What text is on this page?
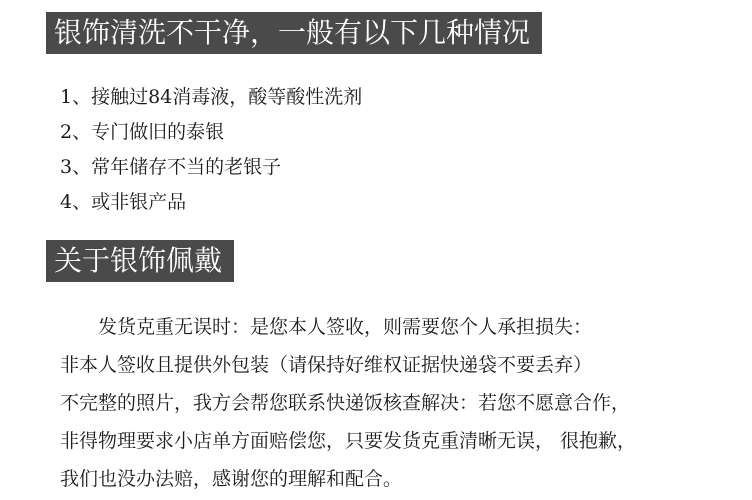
银饰清洗不干净，一般有以下几种情况
1、接触过84消毒液，酸等酸性洗剂
2、专门做旧的泰银
3、常年储存不当的老银子
4、或非银产品
关于银饰佩戴
发货克重无误时：是您本人签收，则需要您个人承担损失：
非本人签收且提供外包装（请保持好维权证据快递袋不要丢弃）
不完整的照片，我方会帮您联系快递饭核查解决：若您不愿意合作，
非得物理要求小店单方面赔偿您，只要发货克重清晰无误， 很抱歉，
我们也没办法赔，感谢您的理解和配合。
